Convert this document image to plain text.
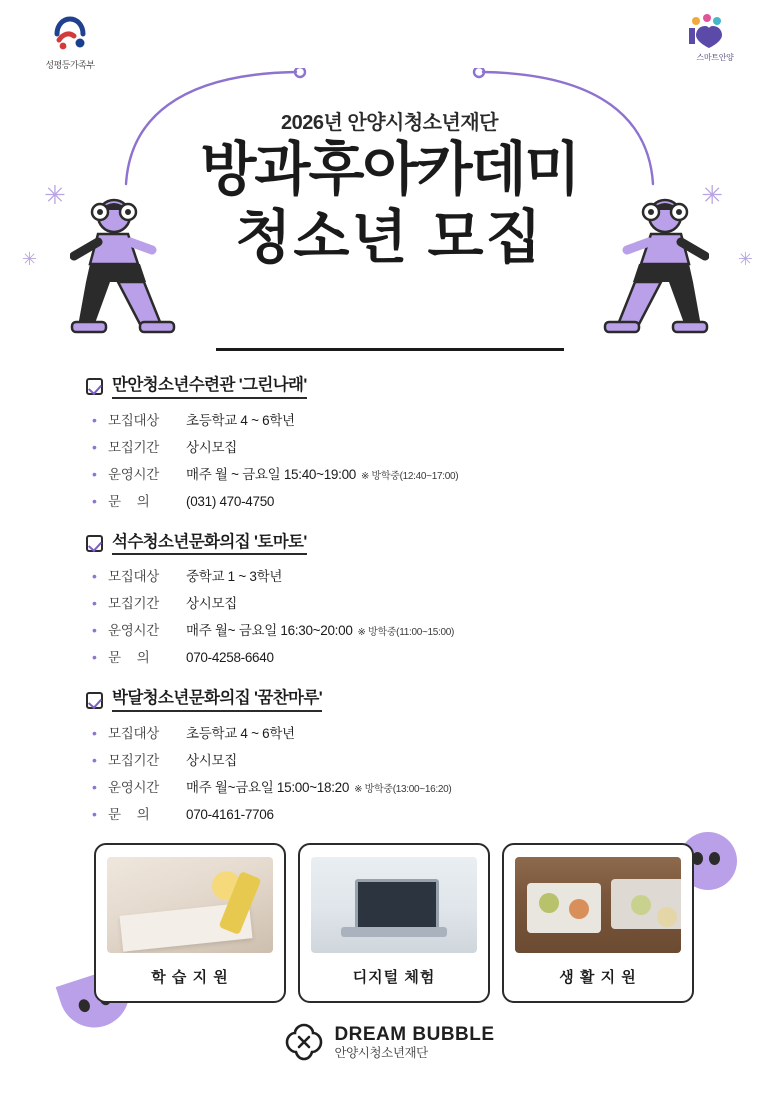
성평등가족부
스마트안양
✳
✳
✳
✳
2026년 안양시청소년재단
방과후아카데미
청소년 모집
만안청소년수련관 '그린나래'
• 모집대상	초등학교 4 ~ 6학년
• 모집기간	상시모집
• 운영시간	매주 월 ~ 금요일 15:40~19:00 ※ 방학중(12:40~17:00)
• 문 의	(031) 470-4750
석수청소년문화의집 '토마토'
• 모집대상	중학교 1 ~ 3학년
• 모집기간	상시모집
• 운영시간	매주 월~ 금요일 16:30~20:00 ※ 방학중(11:00~15:00)
• 문 의	070-4258-6640
박달청소년문화의집 '꿈찬마루'
• 모집대상	초등학교 4 ~ 6학년
• 모집기간	상시모집
• 운영시간	매주 월~금요일 15:00~18:20 ※ 방학중(13:00~16:20)
• 문 의	070-4161-7706
학 습 지 원	디지털 체험	생 활 지 원
DREAM BUBBLE
안양시청소년재단
